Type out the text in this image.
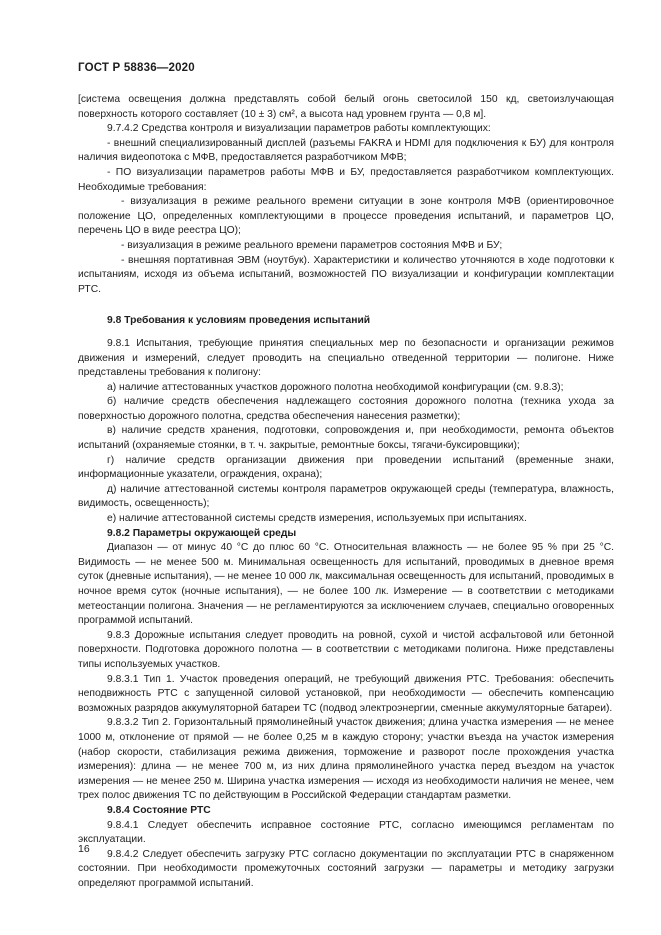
ГОСТ Р 58836—2020

[система освещения должна представлять собой белый огонь светосилой 150 кд, светоизлучающая поверхность которого составляет (10 ± 3) см², а высота над уровнем грунта — 0,8 м].

9.7.4.2 Средства контроля и визуализации параметров работы комплектующих:

- внешний специализированный дисплей (разъемы FAKRA и HDMI для подключения к БУ) для контроля наличия видеопотока с МФВ, предоставляется разработчиком МФВ;

- ПО визуализации параметров работы МФВ и БУ, предоставляется разработчиком комплектующих. Необходимые требования:

- визуализация в режиме реального времени ситуации в зоне контроля МФВ (ориентировочное положение ЦО, определенных комплектующими в процессе проведения испытаний, и параметров ЦО, перечень ЦО в виде реестра ЦО);

- визуализация в режиме реального времени параметров состояния МФВ и БУ;

- внешняя портативная ЭВМ (ноутбук). Характеристики и количество уточняются в ходе подготовки к испытаниям, исходя из объема испытаний, возможностей ПО визуализации и конфигурации комплектации РТС.

9.8 Требования к условиям проведения испытаний

9.8.1 Испытания, требующие принятия специальных мер по безопасности и организации режимов движения и измерений, следует проводить на специально отведенной территории — полигоне. Ниже представлены требования к полигону:

а) наличие аттестованных участков дорожного полотна необходимой конфигурации (см. 9.8.3);

б) наличие средств обеспечения надлежащего состояния дорожного полотна (техника ухода за поверхностью дорожного полотна, средства обеспечения нанесения разметки);

в) наличие средств хранения, подготовки, сопровождения и, при необходимости, ремонта объектов испытаний (охраняемые стоянки, в т. ч. закрытые, ремонтные боксы, тягачи-буксировщики);

г) наличие средств организации движения при проведении испытаний (временные знаки, информационные указатели, ограждения, охрана);

д) наличие аттестованной системы контроля параметров окружающей среды (температура, влажность, видимость, освещенность);

е) наличие аттестованной системы средств измерения, используемых при испытаниях.

9.8.2 Параметры окружающей среды

Диапазон — от минус 40 °С до плюс 60 °С. Относительная влажность — не более 95 % при 25 °С. Видимость — не менее 500 м. Минимальная освещенность для испытаний, проводимых в дневное время суток (дневные испытания), — не менее 10 000 лк, максимальная освещенность для испытаний, проводимых в ночное время суток (ночные испытания), — не более 100 лк. Измерение — в соответствии с методиками метеостанции полигона. Значения — не регламентируются за исключением случаев, специально оговоренных программой испытаний.

9.8.3 Дорожные испытания следует проводить на ровной, сухой и чистой асфальтовой или бетонной поверхности. Подготовка дорожного полотна — в соответствии с методиками полигона. Ниже представлены типы используемых участков.

9.8.3.1 Тип 1. Участок проведения операций, не требующий движения РТС. Требования: обеспечить неподвижность РТС с запущенной силовой установкой, при необходимости — обеспечить компенсацию возможных разрядов аккумуляторной батареи ТС (подвод электроэнергии, сменные аккумуляторные батареи).

9.8.3.2 Тип 2. Горизонтальный прямолинейный участок движения; длина участка измерения — не менее 1000 м, отклонение от прямой — не более 0,25 м в каждую сторону; участки въезда на участок измерения (набор скорости, стабилизация режима движения, торможение и разворот после прохождения участка измерения): длина — не менее 700 м, из них длина прямолинейного участка перед въездом на участок измерения — не менее 250 м. Ширина участка измерения — исходя из необходимости наличия не менее, чем трех полос движения ТС по действующим в Российской Федерации стандартам разметки.

9.8.4 Состояние РТС

9.8.4.1 Следует обеспечить исправное состояние РТС, согласно имеющимся регламентам по эксплуатации.

9.8.4.2 Следует обеспечить загрузку РТС согласно документации по эксплуатации РТС в снаряженном состоянии. При необходимости промежуточных состояний загрузки — параметры и методику загрузки определяют программой испытаний.

16
